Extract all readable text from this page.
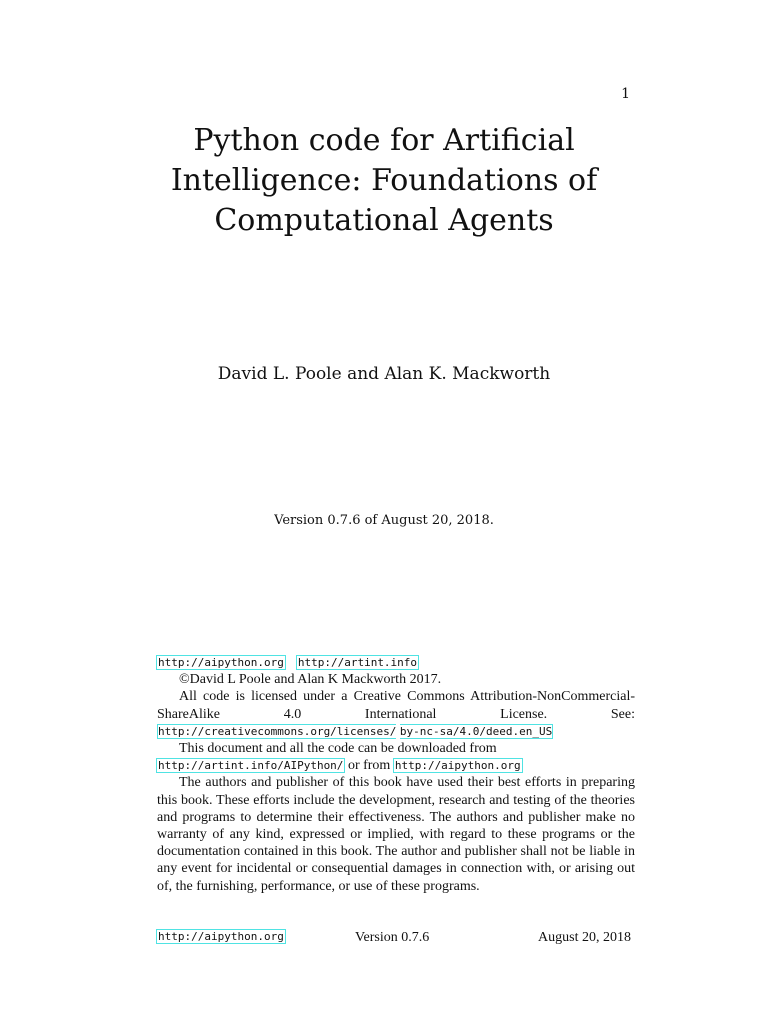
1
Python code for Artificial
Intelligence: Foundations of
Computational Agents
David L. Poole and Alan K. Mackworth
Version 0.7.6 of August 20, 2018.

http://aipython.org http://artint.info

©David L Poole and Alan K Mackworth 2017.

All code is licensed under a Creative Commons Attribution-NonCommercial-ShareAlike 4.0 International License. See: http://creativecommons.org/licenses/ by-nc-sa/4.0/deed.en_US

This document and all the code can be downloaded from

http://artint.info/AIPython/ or from http://aipython.org

The authors and publisher of this book have used their best efforts in preparing this book. These efforts include the development, research and testing of the theories and programs to determine their effectiveness. The authors and publisher make no warranty of any kind, expressed or implied, with regard to these programs or the documentation contained in this book. The author and publisher shall not be liable in any event for incidental or consequential damages in connection with, or arising out of, the furnishing, performance, or use of these programs.

http://aipython.org	Version 0.7.6	August 20, 2018
